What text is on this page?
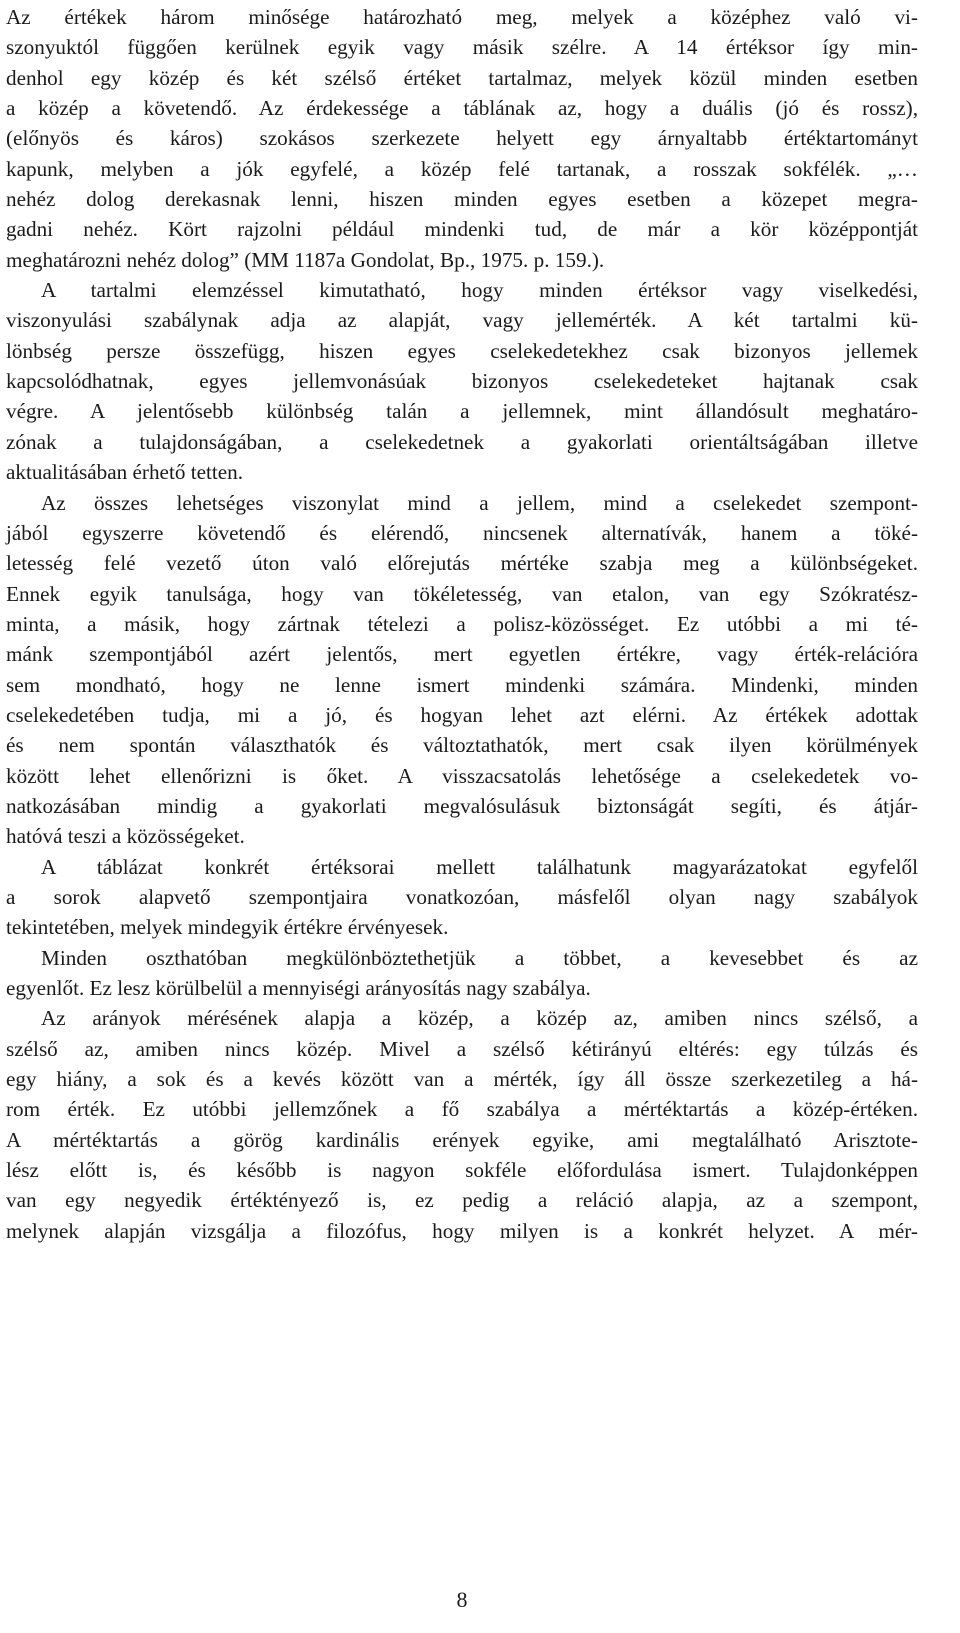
Az értékek három minősége határozható meg, melyek a középhez való vi-
szonyuktól függően kerülnek egyik vagy másik szélre. A 14 értéksor így min-
denhol egy közép és két szélső értéket tartalmaz, melyek közül minden esetben
a közép a követendő. Az érdekessége a táblának az, hogy a duális (jó és rossz),
(előnyös és káros) szokásos szerkezete helyett egy árnyaltabb értéktartományt
kapunk, melyben a jók egyfelé, a közép felé tartanak, a rosszak sokfélék. „…
nehéz dolog derekasnak lenni, hiszen minden egyes esetben a közepet megra-
gadni nehéz. Kört rajzolni például mindenki tud, de már a kör középpontját
meghatározni nehéz dolog” (MM 1187a Gondolat, Bp., 1975. p. 159.).
A tartalmi elemzéssel kimutatható, hogy minden értéksor vagy viselkedési,
viszonyulási szabálynak adja az alapját, vagy jellemérték. A két tartalmi kü-
lönbség persze összefügg, hiszen egyes cselekedetekhez csak bizonyos jellemek
kapcsolódhatnak, egyes jellemvonásúak bizonyos cselekedeteket hajtanak csak
végre. A jelentősebb különbség talán a jellemnek, mint állandósult meghatáro-
zónak a tulajdonságában, a cselekedetnek a gyakorlati orientáltságában illetve
aktualitásában érhető tetten.
Az összes lehetséges viszonylat mind a jellem, mind a cselekedet szempont-
jából egyszerre követendő és elérendő, nincsenek alternatívák, hanem a töké-
letesség felé vezető úton való előrejutás mértéke szabja meg a különbségeket.
Ennek egyik tanulsága, hogy van tökéletesség, van etalon, van egy Szókratész-
minta, a másik, hogy zártnak tételezi a polisz-közösséget. Ez utóbbi a mi té-
mánk szempontjából azért jelentős, mert egyetlen értékre, vagy érték-relációra
sem mondható, hogy ne lenne ismert mindenki számára. Mindenki, minden
cselekedetében tudja, mi a jó, és hogyan lehet azt elérni. Az értékek adottak
és nem spontán választhatók és változtathatók, mert csak ilyen körülmények
között lehet ellenőrizni is őket. A visszacsatolás lehetősége a cselekedetek vo-
natkozásában mindig a gyakorlati megvalósulásuk biztonságát segíti, és átjár-
hatóvá teszi a közösségeket.
A táblázat konkrét értéksorai mellett találhatunk magyarázatokat egyfelől
a sorok alapvető szempontjaira vonatkozóan, másfelől olyan nagy szabályok
tekintetében, melyek mindegyik értékre érvényesek.
Minden oszthatóban megkülönböztethetjük a többet, a kevesebbet és az
egyenlőt. Ez lesz körülbelül a mennyiségi arányosítás nagy szabálya.
Az arányok mérésének alapja a közép, a közép az, amiben nincs szélső, a
szélső az, amiben nincs közép. Mivel a szélső kétirányú eltérés: egy túlzás és
egy hiány, a sok és a kevés között van a mérték, így áll össze szerkezetileg a há-
rom érték. Ez utóbbi jellemzőnek a fő szabálya a mértéktartás a közép-értéken.
A mértéktartás a görög kardinális erények egyike, ami megtalálható Arisztote-
lész előtt is, és később is nagyon sokféle előfordulása ismert. Tulajdonképpen
van egy negyedik értéktényező is, ez pedig a reláció alapja, az a szempont,
melynek alapján vizsgálja a filozófus, hogy milyen is a konkrét helyzet. A mér-
8
